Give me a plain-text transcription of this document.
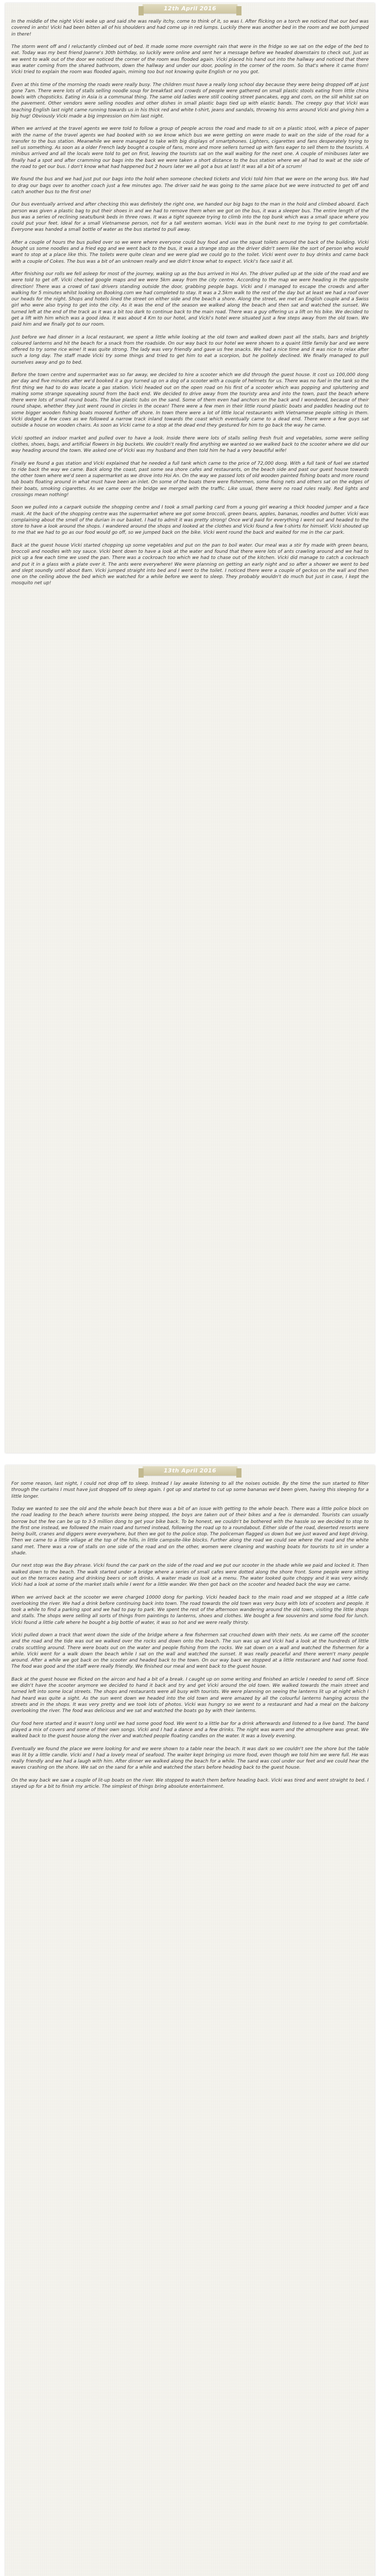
12th April 2016

In the middle of the night Vicki woke up and said she was really itchy, come to think of it, so was I. After flicking on a torch we noticed that our bed was covered in ants! Vicki had been bitten all of his shoulders and had come up in red lumps. Luckily there was another bed in the room and we both jumped in there!

The storm went off and I reluctantly climbed out of bed. It made some more overnight rain that were in the fridge so we sat on the edge of the bed to eat. Today was my best friend Joanne's 30th birthday, so luckily were online and sent her a message before we headed downstairs to check out. Just as we went to walk out of the door we noticed the corner of the room was flooded again. Vicki placed his hand out into the hallway and noticed that there was water coming from the shared bathroom, down the hallway and under our door, pooling in the corner of the room. So that's where it came from! Vicki tried to explain the room was flooded again, miming too but not knowing quite English or no you got.

Even at this time of the morning the roads were really busy. The children must have a really long school day because they were being dropped off at just gone 7am. There were lots of stalls selling noodle soup for breakfast and crowds of people were gathered on small plastic stools eating from little china bowls with chopsticks. Eating in Asia is a communal thing. The same old ladies were still cooking street pancakes, egg and corn, on the sill whilst sat on the pavement. Other vendors were selling noodles and other dishes in small plastic bags tied up with elastic bands. The creepy guy that Vicki was teaching English last night came running towards us in his thick red and white t-shirt, jeans and sandals, throwing his arms around Vicki and giving him a big hug! Obviously Vicki made a big impression on him last night.

When we arrived at the travel agents we were told to follow a group of people across the road and made to sit on a plastic stool, with a piece of paper with the name of the travel agents we had booked with so we know which bus we were getting on were made to wait on the side of the road for a transfer to the bus station. Meanwhile we were managed to take with big displays of smartphones. Lighters, cigarettes and fans desperately trying to sell us something. As soon as a older French lady bought a couple of fans, more and more sellers turned up with fans eager to sell them to the tourists. A minibus arrived and all the locals were told to get on first, leaving the tourists sat on the wall waiting for the next one. A couple of minibuses later we finally had a spot and after cramming our bags into the back we were taken a short distance to the bus station where we all had to wait at the side of the road to get our bus. I don't know what had happened but 2 hours later we all got a bus at last! It was all a bit of a scrum!

We found the bus and we had just put our bags into the hold when someone checked tickets and Vicki told him that we were on the wrong bus. We had to drag our bags over to another coach just a few minutes ago. The driver said he was going to the same place but we were instructed to get off and catch another bus to the first one!

Our bus eventually arrived and after checking this was definitely the right one, we handed our big bags to the man in the hold and climbed aboard. Each person was given a plastic bag to put their shoes in and we had to remove them when we got on the bus, it was a sleeper bus. The entire length of the bus was a series of reclining seats/bunk beds in three rows. It was a tight squeeze trying to climb into the top bunk which was a small space where you could put your feet. Ideal for a small Vietnamese person, not for a tall western woman. Vicki was in the bunk next to me trying to get comfortable. Everyone was handed a small bottle of water as the bus started to pull away.

After a couple of hours the bus pulled over so we were where everyone could buy food and use the squat toilets around the back of the building. Vicki bought us some noodles and a fried egg and we went back to the bus, it was a strange stop as the driver didn't seem like the sort of person who would want to stop at a place like this. The toilets were quite clean and we were glad we could go to the toilet. Vicki went over to buy drinks and came back with a couple of Cokes. The bus was a bit of an unknown really and we didn't know what to expect. Vicki's face said it all.

After finishing our rolls we fell asleep for most of the journey, waking up as the bus arrived in Hoi An. The driver pulled up at the side of the road and we were told to get off. Vicki checked google maps and we were 5km away from the city centre. According to the map we were heading in the opposite direction! There was a crowd of taxi drivers standing outside the door, grabbing people bags. Vicki and I managed to escape the crowds and after walking for 5 minutes whilst looking on Booking.com we had completed to stay. It was a 2.5km walk to the rest of the day but at least we had a roof over our heads for the night. Shops and hotels lined the street on either side and the beach a shore. Along the street, we met an English couple and a Swiss girl who were also trying to get into the city. As it was the end of the season we walked along the beach and then sat and watched the sunset. We turned left at the end of the track as it was a bit too dark to continue back to the main road. There was a guy offering us a lift on his bike. We decided to get a lift with him which was a good idea. It was about 4 Km to our hotel, and Vicki's hotel were situated just a few steps away from the old town. We paid him and we finally got to our room.

Just before we had dinner in a local restaurant, we spent a little while looking at the old town and walked down past all the stalls, bars and brightly coloured lanterns and hit the beach for a snack from the roadside. On our way back to our hotel we were shown to a quaint little family bar and we were offered to try some rice wine! It was quite strong. The lady was very friendly and gave us free snacks. We had a nice time and it was nice to relax after such a long day. The staff made Vicki try some things and tried to get him to eat a scorpion, but he politely declined. We finally managed to pull ourselves away and go to bed.

Before the town centre and supermarket was so far away, we decided to hire a scooter which we did through the guest house. It cost us 100,000 dong per day and five minutes after we'd booked it a guy turned up on a dog of a scooter with a couple of helmets for us. There was no fuel in the tank so the first thing we had to do was locate a gas station. Vicki headed out on the open road on his first of a scooter which was popping and spluttering and making some strange squeaking sound from the back end. We decided to drive away from the touristy area and into the town, past the beach where there were lots of small round boats. The blue plastic tubs on the sand. Some of them even had anchors on the back and I wondered, because of their round shape, whether they just went round in circles in the ocean! There were a few men in their little round plastic boats and paddles heading out to some bigger wooden fishing boats moored further off shore. In town there were a lot of little local restaurants with Vietnamese people sitting in them. Vicki dodged a few cows as we followed a narrow track inland towards the coast which eventually came to a dead end. There were a few guys sat outside a house on wooden chairs. As soon as Vicki came to a stop at the dead end they gestured for him to go back the way he came.

Vicki spotted an indoor market and pulled over to have a look. Inside there were lots of stalls selling fresh fruit and vegetables, some were selling clothes, shoes, bags, and artificial flowers in big buckets. We couldn't really find anything we wanted so we walked back to the scooter where we did our way heading around the town. We asked one of Vicki was my husband and then told him he had a very beautiful wife!

Finally we found a gas station and Vicki explained that he needed a full tank which came to the price of 72,000 dong. With a full tank of fuel we started to ride back the way we came. Back along the coast, past some sea shore cafes and restaurants, on the beach side and past our guest house towards the other town where we'd seen a supermarket as we drove into Hoi An. On the way we passed lots of old wooden painted fishing boats and more round tub boats floating around in what must have been an inlet. On some of the boats there were fishermen, some fixing nets and others sat on the edges of their boats, smoking cigarettes. As we came over the bridge we merged with the traffic. Like usual, there were no road rules really. Red lights and crossings mean nothing!

Soon we pulled into a carpark outside the shopping centre and I took a small parking card from a young girl wearing a thick hooded jumper and a face mask. At the back of the shopping centre was the supermarket where we got some broccoli, green beans, apples, bananas, noodles and butter. Vicki was complaining about the smell of the durian in our basket. I had to admit it was pretty strong! Once we'd paid for everything I went out and headed to the store to have a look around the shops. I wandered around the shops and looked at the clothes and Vicki found a few t-shirts for himself. Vicki shouted up to me that we had to go as our food would go off, so we jumped back on the bike. Vicki went round the back and waited for me in the car park.

Back at the guest house Vicki started chopping up some vegetables and put on the pan to boil water. Our meal was a stir fry made with green beans, broccoli and noodles with soy sauce. Vicki bent down to have a look at the water and found that there were lots of ants crawling around and we had to pick up a few each time we used the pan. There was a cockroach too which we had to chase out of the kitchen. Vicki did manage to catch a cockroach and put it in a glass with a plate over it. The ants were everywhere! We were planning on getting an early night and so after a shower we went to bed and slept soundly until about 8am. Vicki jumped straight into bed and I went to the toilet. I noticed there were a couple of geckos on the wall and then one on the ceiling above the bed which we watched for a while before we went to sleep. They probably wouldn't do much but just in case, I kept the mosquito net up!

13th April 2016

For some reason, last night, I could not drop off to sleep. Instead I lay awake listening to all the noises outside. By the time the sun started to filter through the curtains I must have just dropped off to sleep again. I got up and started to cut up some bananas we'd been given, having this sleeping for a little longer.

Today we wanted to see the old and the whole beach but there was a bit of an issue with getting to the whole beach. There was a little police block on the road leading to the beach where tourists were being stopped, the boys are taken out of their bikes and a fee is demanded. Tourists can usually borrow but the fee can be up to 3-5 million dong to get your bike back. To be honest, we couldn't be bothered with the hassle so we decided to stop to the first one instead, we followed the main road and turned instead, following the road up to a roundabout. Either side of the road, deserted resorts were being built, cranes and diggers were everywhere, but then we got to the police stop. The policeman flagged us down but we just waved and kept driving. Then we came to a little village at the top of the hills, in little campsite-like blocks. Further along the road we could see where the road and the white sand met. There was a row of stalls on one side of the road and on the other, women were cleaning and washing boats for tourists to sit in under a shade.

Our next stop was the Bay phrase. Vicki found the car park on the side of the road and we put our scooter in the shade while we paid and locked it. Then walked down to the beach. The walk started under a bridge where a series of small cafes were dotted along the shore front. Some people were sitting out on the terraces eating and drinking beers or soft drinks. A waiter made us look at a menu. The water looked quite choppy and it was very windy. Vicki had a look at some of the market stalls while I went for a little wander. We then got back on the scooter and headed back the way we came.

When we arrived back at the scooter we were charged 10000 dong for parking. Vicki headed back to the main road and we stopped at a little cafe overlooking the river. We had a drink before continuing back into town. The road towards the old town was very busy with lots of scooters and people. It took a while to find a parking spot and we had to pay to park. We spent the rest of the afternoon wandering around the old town, visiting the little shops and stalls. The shops were selling all sorts of things from paintings to lanterns, shoes and clothes. We bought a few souvenirs and some food for lunch. Vicki found a little cafe where he bought a big bottle of water, it was so hot and we were really thirsty.

Vicki pulled down a track that went down the side of the bridge where a few fishermen sat crouched down with their nets. As we came off the scooter and the road and the tide was out we walked over the rocks and down onto the beach. The sun was up and Vicki had a look at the hundreds of little crabs scuttling around. There were boats out on the water and people fishing from the rocks. We sat down on a wall and watched the fishermen for a while. Vicki went for a walk down the beach while I sat on the wall and watched the sunset. It was really peaceful and there weren't many people around. After a while we got back on the scooter and headed back to the town. On our way back we stopped at a little restaurant and had some food. The food was good and the staff were really friendly. We finished our meal and went back to the guest house.

Back at the guest house we flicked on the aircon and had a bit of a break. I caught up on some writing and finished an article I needed to send off. Since we didn't have the scooter anymore we decided to hand it back and try and get Vicki around the old town. We walked towards the main street and turned left into some local streets. The shops and restaurants were all busy with tourists. We were planning on seeing the lanterns lit up at night which I had heard was quite a sight. As the sun went down we headed into the old town and were amazed by all the colourful lanterns hanging across the streets and in the shops. It was very pretty and we took lots of photos. Vicki was hungry so we went to a restaurant and had a meal on the balcony overlooking the river. The food was delicious and we sat and watched the boats go by with their lanterns.

Our food here started and it wasn't long until we had some good food. We went to a little bar for a drink afterwards and listened to a live band. The band played a mix of covers and some of their own songs. Vicki and I had a dance and a few drinks. The night was warm and the atmosphere was great. We walked back to the guest house along the river and watched people floating candles on the water. It was a lovely evening.

Eventually we found the place we were looking for and we were shown to a table near the beach. It was dark so we couldn't see the shore but the table was lit by a little candle. Vicki and I had a lovely meal of seafood. The waiter kept bringing us more food, even though we told him we were full. He was really friendly and we had a laugh with him. After dinner we walked along the beach for a while. The sand was cool under our feet and we could hear the waves crashing on the shore. We sat on the sand for a while and watched the stars before heading back to the guest house.

On the way back we saw a couple of lit-up boats on the river. We stopped to watch them before heading back. Vicki was tired and went straight to bed. I stayed up for a bit to finish my article. The simplest of things bring absolute entertainment.
